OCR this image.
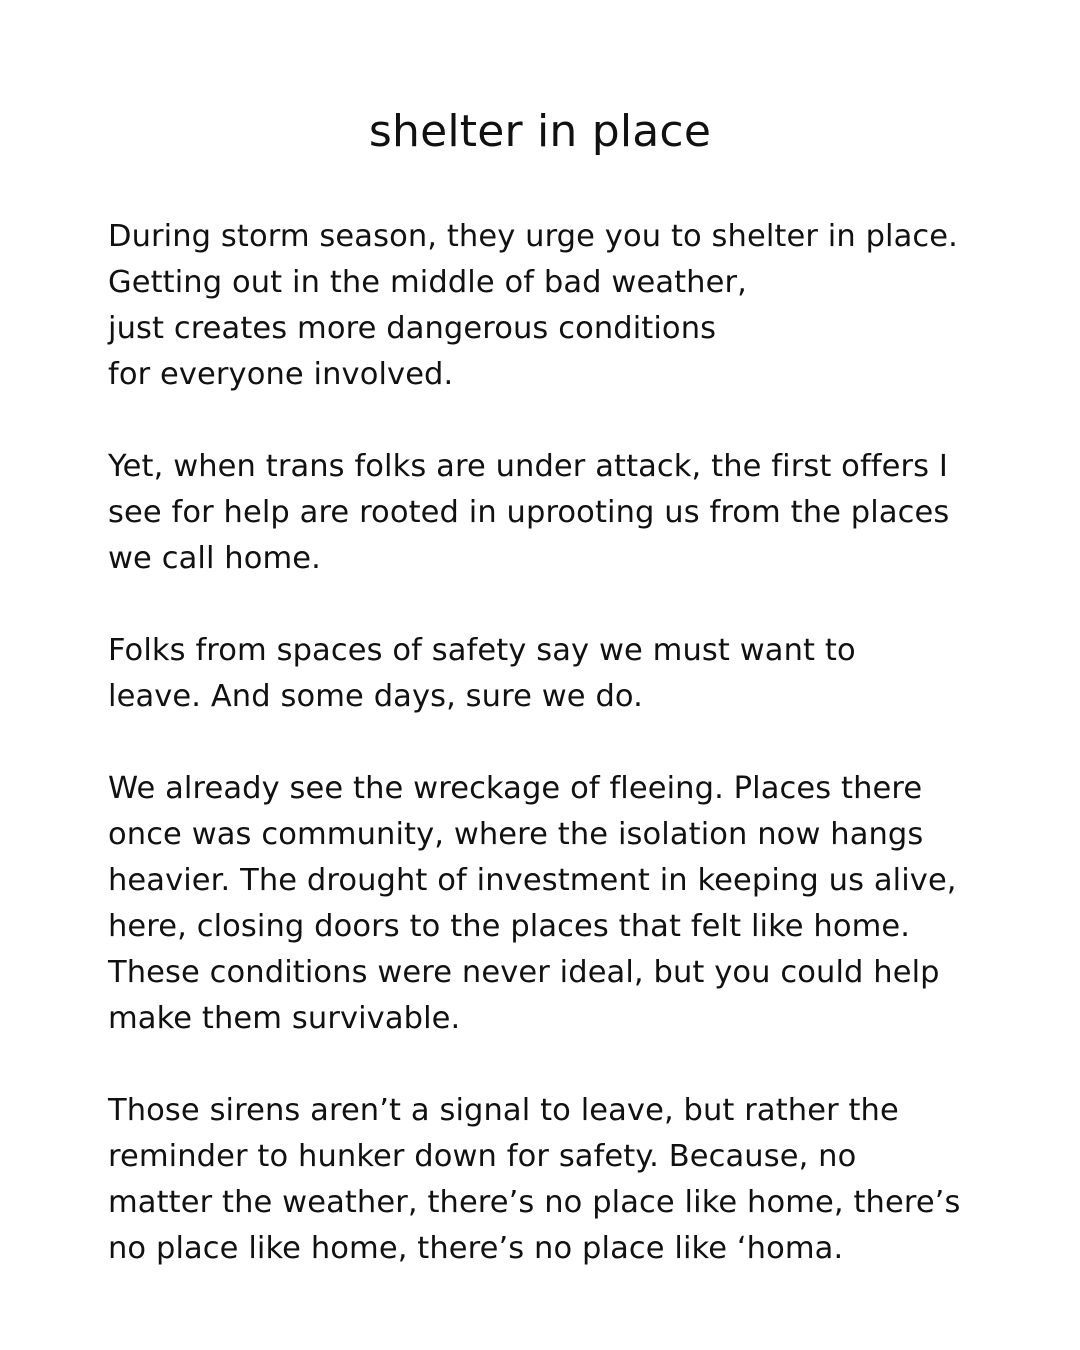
shelter in place

During storm season, they urge you to shelter in place.
Getting out in the middle of bad weather,
just creates more dangerous conditions
for everyone involved.

Yet, when trans folks are under attack, the first offers I
see for help are rooted in uprooting us from the places
we call home.

Folks from spaces of safety say we must want to
leave. And some days, sure we do.

We already see the wreckage of fleeing. Places there
once was community, where the isolation now hangs
heavier. The drought of investment in keeping us alive,
here, closing doors to the places that felt like home.
These conditions were never ideal, but you could help
make them survivable.

Those sirens aren’t a signal to leave, but rather the
reminder to hunker down for safety. Because, no
matter the weather, there’s no place like home, there’s
no place like home, there’s no place like ‘homa.
